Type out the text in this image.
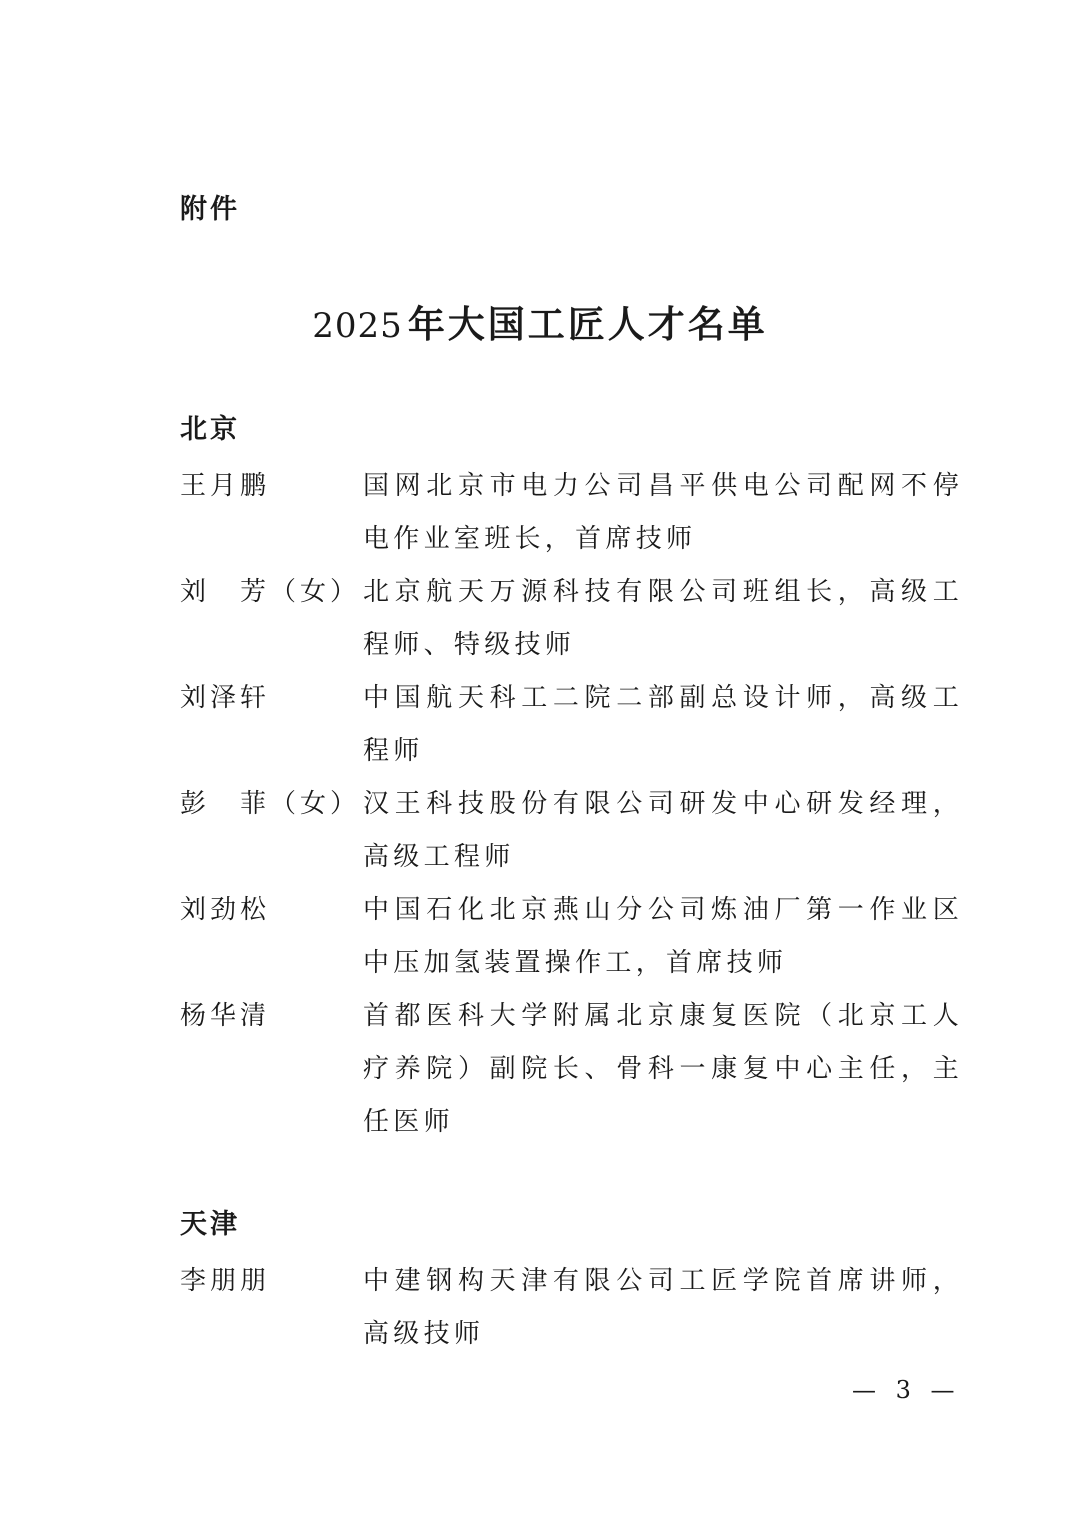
附件
2025 年大国工匠人才名单
北京
王月鹏	国网北京市电力公司昌平供电公司配网不停电作业室班长，首席技师
刘　芳（女） 北京航天万源科技有限公司班组长，高级工程师、特级技师
刘泽轩	中国航天科工二院二部副总设计师，高级工程师
彭　菲（女） 汉王科技股份有限公司研发中心研发经理，高级工程师
刘劲松	中国石化北京燕山分公司炼油厂第一作业区中压加氢装置操作工，首席技师
杨华清	首都医科大学附属北京康复医院（北京工人疗养院）副院长、骨科一康复中心主任，主任医师
天津
李朋朋	中建钢构天津有限公司工匠学院首席讲师，高级技师
— 3 —
